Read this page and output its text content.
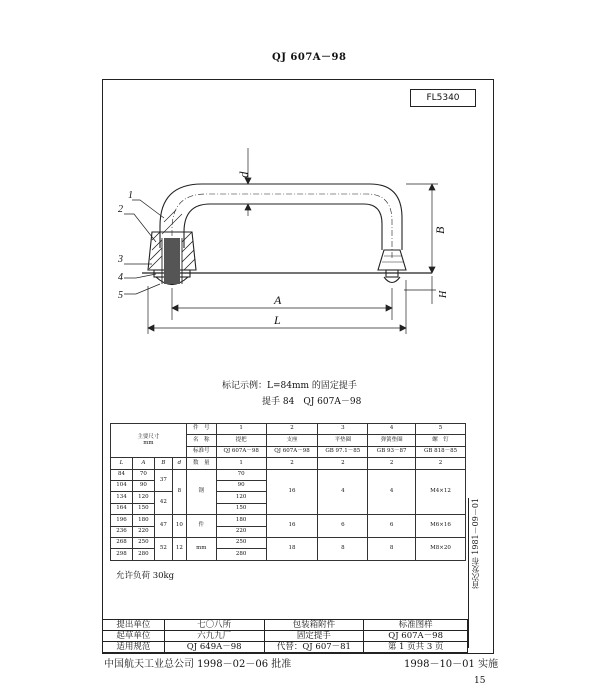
QJ 607A－98
FL5340
1
2
3
4
5
d
B
H
A
L
标记示例：L=84mm 的固定提手
提手 84　QJ 607A－98
主要尺寸
mm				件　号	1	2	3	4	5
				名　称	提把	支座	平垫圈	弹簧垫圈	螺　钉
				标准号	QJ 607A－98	QJ 607A－98	GB 97.1－85	GB 93－87	GB 818－85
L	A	B	d	数　量	1	2	2	2	2
84	70	37	8	钢	70	16	4	4	M4×12
104	90				90				
134	120	42			120				
164	150				150				
196	180	47	10	件	180	16	6	6	M6×16
236	220				220				
268	250	52	12	mm	250	18	8	8	M8×20
298	280				280				
允许负荷 30kg	首次发布 1981－09－01
提出单位	七〇八所	包装箱附件	标准图样
起草单位	六九九厂	固定提手	QJ 607A－98
适用规范	QJ 649A－98	代替：QJ 607－81	第 1 页共 3 页
中国航天工业总公司 1998－02－06 批准	1998－10－01 实施
15
